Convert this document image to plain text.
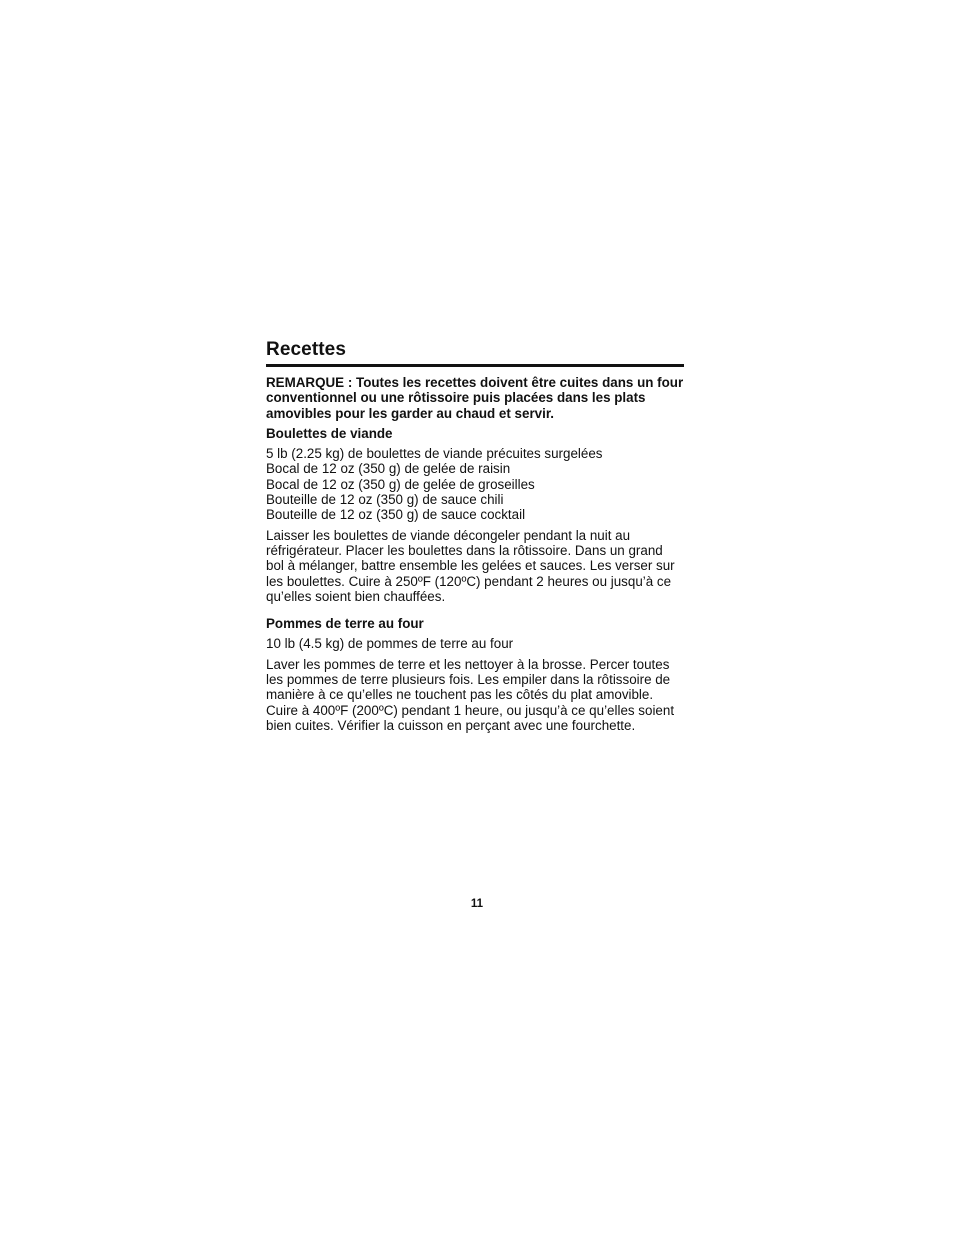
Recettes

REMARQUE : Toutes les recettes doivent être cuites dans un four conventionnel ou une rôtissoire puis placées dans les plats amovibles pour les garder au chaud et servir.

Boulettes de viande
5 lb (2.25 kg) de boulettes de viande précuites surgelées
Bocal de 12 oz (350 g) de gelée de raisin
Bocal de 12 oz (350 g) de gelée de groseilles
Bouteille de 12 oz (350 g) de sauce chili
Bouteille de 12 oz (350 g) de sauce cocktail

Laisser les boulettes de viande décongeler pendant la nuit au
réfrigérateur. Placer les boulettes dans la rôtissoire. Dans un grand
bol à mélanger, battre ensemble les gelées et sauces. Les verser sur
les boulettes. Cuire à 250ºF (120ºC) pendant 2 heures ou jusqu’à ce
qu’elles soient bien chauffées.

Pommes de terre au four
10 lb (4.5 kg) de pommes de terre au four

Laver les pommes de terre et les nettoyer à la brosse. Percer toutes
les pommes de terre plusieurs fois. Les empiler dans la rôtissoire de
manière à ce qu’elles ne touchent pas les côtés du plat amovible.
Cuire à 400ºF (200ºC) pendant 1 heure, ou jusqu’à ce qu’elles soient
bien cuites. Vérifier la cuisson en perçant avec une fourchette.

11
